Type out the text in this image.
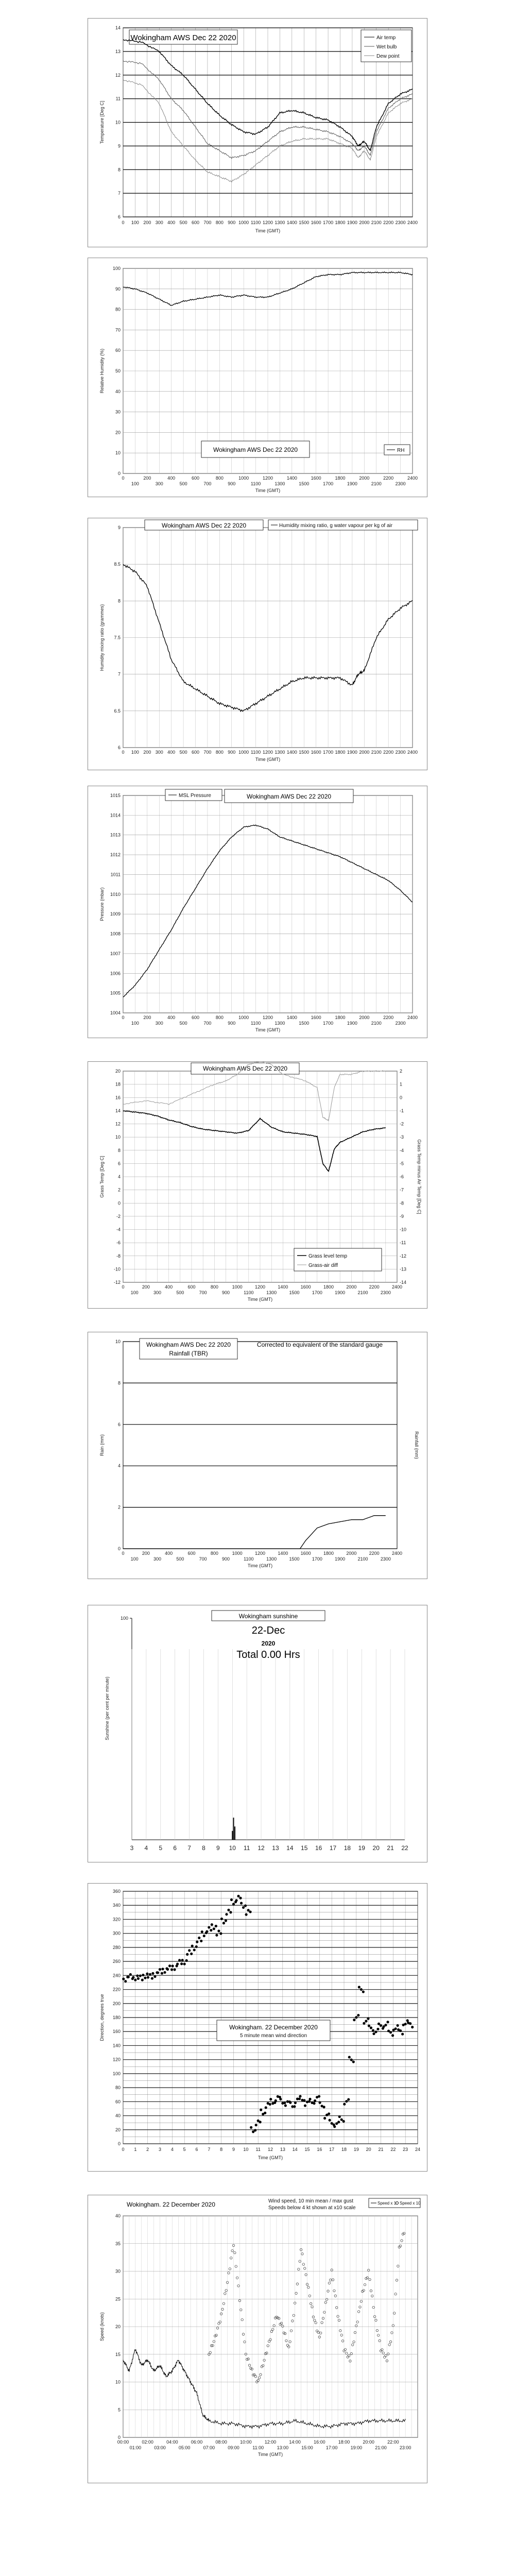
14
13
12
11
10
9
8
7
6
0 100 200 300 400 500 600 700 800 900 1000 1100 1200 1300 1400 1500 1600 1700 1800 1900 2000 2100 2200 2300 2400
Time (GMT)
Temperature [Deg C]
Wokingham AWS Dec 22 2020	Air temp
Wet bulb
Dew point
100
90
80
70
60
50
40
30
20
10
0
0	200	400	600	800	1000	1200	1400	1600	1800	2000	2200	2400
100	300	500	700	900	1100	1300	1500	1700	1900	2100	2300
Time (GMT)
Relative Humidity (%)
Wokingham AWS Dec 22 2020	RH
9
8.5
8
7.5
7
6.5
6
0 100 200 300 400 500 600 700 800 900 1000 1100 1200 1300 1400 1500 1600 1700 1800 1900 2000 2100 2200 2300 2400
Time (GMT)
Humidity mixing ratio (grammes)
Wokingham AWS Dec 22 2020	Humidity mixing ratio, g water vapour per kg of air
1015
1014
1013
1012
1011
1010
1009
1008
1007
1006
1005
1004
0	200	400	600	800	1000	1200	1400	1600	1800	2000	2200	2400
100	300	500	700	900	1100	1300	1500	1700	1900	2100	2300
Time (GMT)
Pressure (mbar)
MSL Pressure	Wokingham AWS Dec 22 2020
20
18
16
14
12
10
8
6
4
2
0
-2
-4
-6
-8
-10
-12
2
1
0
-1
-2
-3
-4
-5
-6
-7
-8
-9
-10
-11
-12
-13
-14
0	200	400	600	800	1000	1200	1400	1600	1800	2000	2200	2400
100	300	500	700	900	1100	1300	1500	1700	1900	2100	2300
Time (GMT)
Grass Temp [Deg C]	Grass Temp minus Air Temp [Deg C]
Wokingham AWS Dec 22 2020
Grass level temp
Grass-air diff
10
8
6
4
2
0
0	200	400	600	800	1000	1200	1400	1600	1800	2000	2200	2400
100	300	500	700	900	1100	1300	1500	1700	1900	2100	2300
Time (GMT)
Rain (mm)	Rainfall (mm)
Wokingham AWS Dec 22 2020
Rainfall (TBR)
Corrected to equivalent of the standard gauge
3 4 5 6 7 8 9 10 11 12 13 14 15 16 17 18 19 20 21 22
100
Sunshine (per cent per minute)
Wokingham sunshine
22-Dec
2020
Total 0.00 Hrs
360
340
320
300
280
260
240
220
200
180
160
140
120
100
80
60
40
20
0
0 1 2 3 4 5 6 7 8 9 10 11 12 13 14 15 16 17 18 19 20 21 22 23 24
Time (GMT)
Direction, degrees true	Wokingham. 22 December 2020
5 minute mean wind direction
40
35
30
25
20
15
10
5
0
00:00	02:00	04:00	06:00	08:00	10:00	12:00	14:00	16:00	18:00	20:00	22:00
01:00	03:00	05:00	07:00	09:00	11:00	13:00	15:00	17:00	19:00	21:00	23:00
Time (GMT)
Speed (knots)
Wokingham. 22 December 2020	Wind speed, 10 min mean / max gust
Speeds below 4 kt shown at x10 scale
Speed x 1 Speed x 10
